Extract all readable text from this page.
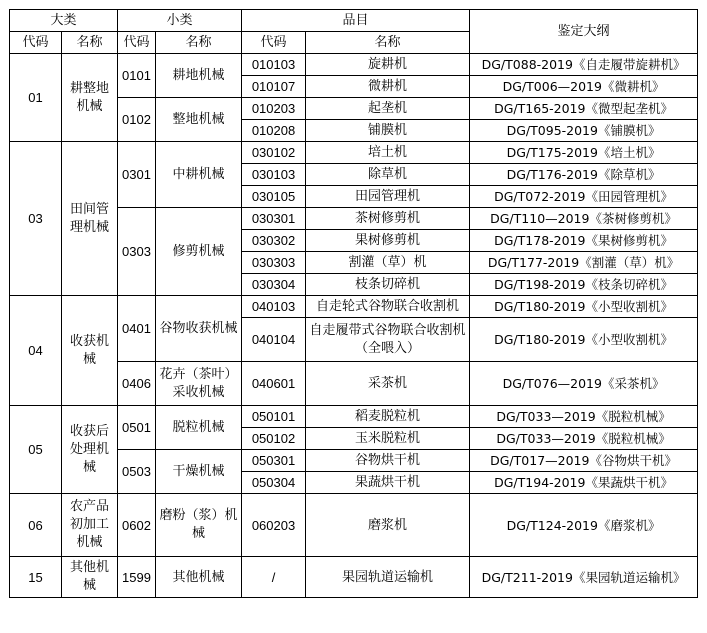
大类		小类		品目		鉴定大纲
代码	名称	代码	名称	代码	名称	
01	耕整地机械	0101	耕地机械	010103	旋耕机	DG/T088-2019《自走履带旋耕机》
				010107	微耕机	DG/T006—2019《微耕机》
		0102	整地机械	010203	起垄机	DG/T165-2019《微型起垄机》
				010208	铺膜机	DG/T095-2019《铺膜机》
03	田间管理机械	0301	中耕机械	030102	培土机	DG/T175-2019《培土机》
				030103	除草机	DG/T176-2019《除草机》
				030105	田园管理机	DG/T072-2019《田园管理机》
		0303	修剪机械	030301	茶树修剪机	DG/T110—2019《茶树修剪机》
				030302	果树修剪机	DG/T178-2019《果树修剪机》
				030303	割灌（草）机	DG/T177-2019《割灌（草）机》
				030304	枝条切碎机	DG/T198-2019《枝条切碎机》
04	收获机械	0401	谷物收获机械	040103	自走轮式谷物联合收割机	DG/T180-2019《小型收割机》
				040104	自走履带式谷物联合收割机（全喂入）	DG/T180-2019《小型收割机》
		0406	花卉（茶叶）采收机械	040601	采茶机	DG/T076—2019《采茶机》
05	收获后处理机械	0501	脱粒机械	050101	稻麦脱粒机	DG/T033—2019《脱粒机械》
				050102	玉米脱粒机	DG/T033—2019《脱粒机械》
		0503	干燥机械	050301	谷物烘干机	DG/T017—2019《谷物烘干机》
				050304	果蔬烘干机	DG/T194-2019《果蔬烘干机》
06	农产品初加工机械	0602	磨粉（浆）机械	060203	磨浆机	DG/T124-2019《磨浆机》
15	其他机械	1599	其他机械	/	果园轨道运输机	DG/T211-2019《果园轨道运输机》
